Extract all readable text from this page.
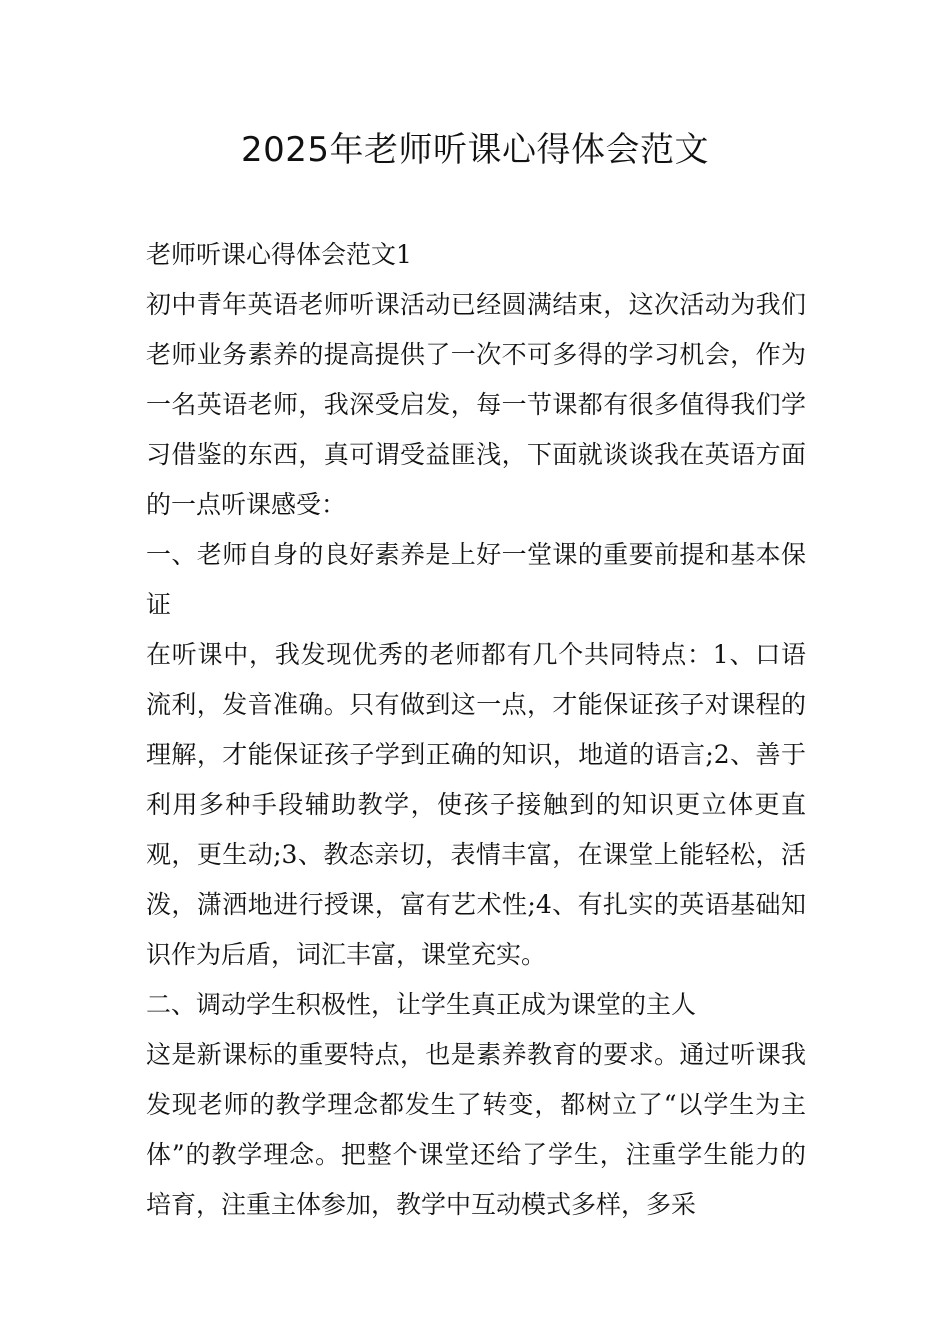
2025年老师听课心得体会范文

老师听课心得体会范文1

初中青年英语老师听课活动已经圆满结束，这次活动为我们老师业务素养的提高提供了一次不可多得的学习机会，作为一名英语老师，我深受启发，每一节课都有很多值得我们学习借鉴的东西，真可谓受益匪浅，下面就谈谈我在英语方面的一点听课感受：

一、老师自身的良好素养是上好一堂课的重要前提和基本保证

在听课中，我发现优秀的老师都有几个共同特点：1、口语流利，发音准确。只有做到这一点，才能保证孩子对课程的理解，才能保证孩子学到正确的知识，地道的语言;2、善于利用多种手段辅助教学，使孩子接触到的知识更立体更直观，更生动;3、教态亲切，表情丰富，在课堂上能轻松，活泼，潇洒地进行授课，富有艺术性;4、有扎实的英语基础知识作为后盾，词汇丰富，课堂充实。

二、调动学生积极性，让学生真正成为课堂的主人

这是新课标的重要特点，也是素养教育的要求。通过听课我发现老师的教学理念都发生了转变，都树立了“以学生为主体”的教学理念。把整个课堂还给了学生，注重学生能力的培育，注重主体参加，教学中互动模式多样，多采
